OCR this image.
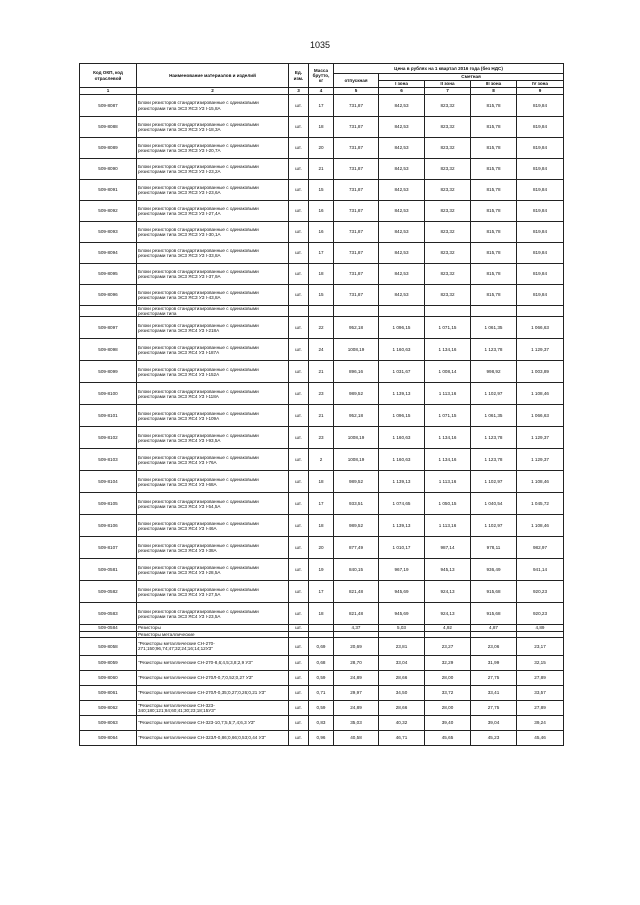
1035
Код ОКП, код отраслевой	Наименование материалов и изделий	Ед. изм.	Масса брутто, кг	Цена в рублях на 1 квартал 2016 года (без НДС)				
				отпускная	Сметная			
					I зона	II зона	III зона	IV зона
1	2	3	4	5	6	7	8	9
509-8087	Блоки резисторов стандартизированные с одинаковыми резисторами типа ЭСЗ ЯСЗ УЗ I-15,8А	шт.	17	731,87	842,53	823,32	815,78	819,84
509-8088	Блоки резисторов стандартизированные с одинаковыми резисторами типа ЭСЗ ЯСЗ УЗ I-18,3А	шт.	18	731,87	842,53	823,32	815,78	819,84
509-8089	Блоки резисторов стандартизированные с одинаковыми резисторами типа ЭСЗ ЯСЗ УЗ I-20,7А	шт.	20	731,87	842,53	823,32	815,78	819,84
509-8090	Блоки резисторов стандартизированные с одинаковыми резисторами типа ЭСЗ ЯСЗ УЗ I-23,2А	шт.	21	731,87	842,53	823,32	815,78	819,84
509-8091	Блоки резисторов стандартизированные с одинаковыми резисторами типа ЭСЗ ЯСЗ УЗ I-23,6А	шт.	15	731,87	842,53	823,32	815,78	819,84
509-8092	Блоки резисторов стандартизированные с одинаковыми резисторами типа ЭСЗ ЯСЗ УЗ I-27,4А	шт.	16	731,87	842,53	823,32	815,78	819,84
509-8093	Блоки резисторов стандартизированные с одинаковыми резисторами типа ЭСЗ ЯСЗ УЗ I-30,1А	шт.	16	731,87	842,53	823,32	815,78	819,84
509-8094	Блоки резисторов стандартизированные с одинаковыми резисторами типа ЭСЗ ЯСЗ УЗ I-33,8А	шт.	17	731,87	842,53	823,32	815,78	819,84
509-8095	Блоки резисторов стандартизированные с одинаковыми резисторами типа ЭСЗ ЯСЗ УЗ I-37,9А	шт.	18	731,87	842,53	823,32	815,78	819,84
509-8096	Блоки резисторов стандартизированные с одинаковыми резисторами типа ЭСЗ ЯСЗ УЗ I-43,8А	шт.	15	731,87	842,53	823,32	815,78	819,84
	Блоки резисторов стандартизированные с одинаковыми резисторами типа							
509-8097	Блоки резисторов стандартизированные с одинаковыми резисторами типа ЭСЗ ЯС4 УЗ I-218А	шт.	22	952,18	1 096,15	1 071,15	1 061,35	1 066,63
509-8098	Блоки резисторов стандартизированные с одинаковыми резисторами типа ЭСЗ ЯС4 УЗ I-187А	шт.	24	1008,19	1 160,63	1 134,16	1 123,78	1 129,37
509-8099	Блоки резисторов стандартизированные с одинаковыми резисторами типа ЭСЗ ЯС4 УЗ I-152А	шт.	21	896,16	1 031,67	1 008,14	998,92	1 003,89
509-8100	Блоки резисторов стандартизированные с одинаковыми резисторами типа ЭСЗ ЯС4 УЗ I-118А	шт.	23	989,52	1 139,13	1 113,16	1 102,97	1 108,46
509-8101	Блоки резисторов стандартизированные с одинаковыми резисторами типа ЭСЗ ЯС4 УЗ I-109А	шт.	21	952,18	1 096,15	1 071,15	1 061,35	1 066,63
509-8102	Блоки резисторов стандартизированные с одинаковыми резисторами типа ЭСЗ ЯС4 УЗ I-93,5А	шт.	23	1008,19	1 160,63	1 134,16	1 123,78	1 129,37
509-8103	Блоки резисторов стандартизированные с одинаковыми резисторами типа ЭСЗ ЯС4 УЗ I-76А	шт.	2	1008,19	1 160,63	1 134,16	1 123,78	1 129,37
509-8104	Блоки резисторов стандартизированные с одинаковыми резисторами типа ЭСЗ ЯС4 УЗ I-68А	шт.	18	989,52	1 139,13	1 113,16	1 102,97	1 108,46
509-8105	Блоки резисторов стандартизированные с одинаковыми резисторами типа ЭСЗ ЯС4 УЗ I-54,5А	шт.	17	933,51	1 074,65	1 050,15	1 040,54	1 045,72
509-8106	Блоки резисторов стандартизированные с одинаковыми резисторами типа ЭСЗ ЯС4 УЗ I-46А	шт.	18	989,52	1 139,13	1 113,16	1 102,97	1 108,46
509-8107	Блоки резисторов стандартизированные с одинаковыми резисторами типа ЭСЗ ЯС4 УЗ I-38А	шт.	20	877,49	1 010,17	987,14	978,11	982,97
509-0581	Блоки резисторов стандартизированные с одинаковыми резисторами типа ЭСЗ ЯС4 УЗ I-28,5А	шт.	19	840,15	967,19	945,13	936,49	941,14
509-0582	Блоки резисторов стандартизированные с одинаковыми резисторами типа ЭСЗ ЯС4 УЗ I-27,5А	шт.	17	821,48	945,69	924,13	915,68	920,23
509-0583	Блоки резисторов стандартизированные с одинаковыми резисторами типа ЭСЗ ЯС4 УЗ I-23,5А	шт.	18	821,48	945,69	924,13	915,68	920,23
509-0584	Резисторы	шт.		4,37	5,03	4,92	4,87	4,89
	Резисторы металлические							
509-8058	"Резисторы металлические СН-270-271;150;96,74;47;32;24;16;14;12УЗ"	шт.	0,69	20,69	23,81	23,27	23,06	23,17
509-8059	"Резисторы металлические СН-270-8,6;4,5;3,8;2,9 УЗ"	шт.	0,68	28,70	33,04	32,29	31,99	32,15
509-8060	"Резисторы металлические СН-270Л-0,7;0,52;0,27 УЗ"	шт.	0,59	24,89	28,66	28,00	27,75	27,89
509-8061	"Резисторы металлические СН-270Л-0,35;0,27;0,26;0,21 УЗ"	шт.	0,71	29,97	34,50	33,72	33,41	33,57
509-8062	"Резисторы металлические СН-323-340;180;121;84;60;41;30;23;18;15УЗ"	шт.	0,59	24,89	28,66	28,00	27,75	27,89
509-8063	"Резисторы металлические СН-323-10,7;5,5;7,4;6,3 УЗ"	шт.	0,83	35,03	40,32	39,40	39,04	39,24
509-8064	"Резисторы металлические СН-323Л-0,86;0,66;0,53;0,44 УЗ"	шт.	0,96	40,58	46,71	45,65	45,23	45,46
